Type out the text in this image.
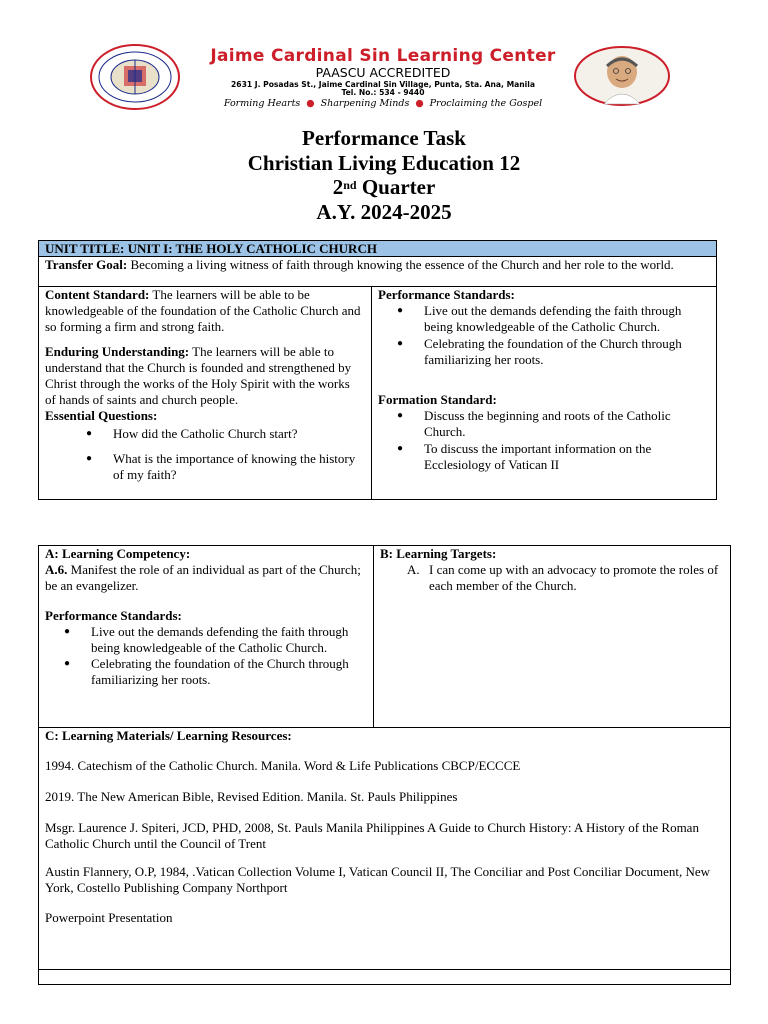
Jaime Cardinal Sin Learning Center
PAASCU ACCREDITED
2631 J. Posadas St., Jaime Cardinal Sin Village, Punta, Sta. Ana, Manila
Tel. No.: 534 - 9440
Forming Hearts ● Sharpening Minds ● Proclaiming the Gospel
Performance Task
Christian Living Education 12
2nd Quarter
A.Y. 2024-2025
UNIT TITLE: UNIT I: THE HOLY CATHOLIC CHURCH
Transfer Goal: Becoming a living witness of faith through knowing the essence of the Church and her role to the world.

Content Standard: The learners will be able to be knowledgeable of the foundation of the Catholic Church and so forming a firm and strong faith.

Enduring Understanding: The learners will be able to understand that the Church is founded and strengthened by Christ through the works of the Holy Spirit with the works of hands of saints and church people.

Essential Questions:

● How did the Catholic Church start?
● What is the importance of knowing the history of my faith?

Performance Standards:

● Live out the demands defending the faith through being knowledgeable of the Catholic Church.
● Celebrating the foundation of the Church through familiarizing her roots.

Formation Standard:

● Discuss the beginning and roots of the Catholic Church.
● To discuss the important information on the Ecclesiology of Vatican II

A: Learning Competency:

A.6. Manifest the role of an individual as part of the Church; be an evangelizer.

Performance Standards:

● Live out the demands defending the faith through being knowledgeable of the Catholic Church.
● Celebrating the foundation of the Church through familiarizing her roots.

B: Learning Targets:

A. I can come up with an advocacy to promote the roles of each member of the Church.

C: Learning Materials/ Learning Resources:

1994. Catechism of the Catholic Church. Manila. Word & Life Publications CBCP/ECCCE

2019. The New American Bible, Revised Edition. Manila. St. Pauls Philippines

Msgr. Laurence J. Spiteri, JCD, PHD, 2008, St. Pauls Manila Philippines A Guide to Church History: A History of the Roman Catholic Church until the Council of Trent

Austin Flannery, O.P, 1984, .Vatican Collection Volume I, Vatican Council II, The Conciliar and Post Conciliar Document, New York, Costello Publishing Company Northport

Powerpoint Presentation
